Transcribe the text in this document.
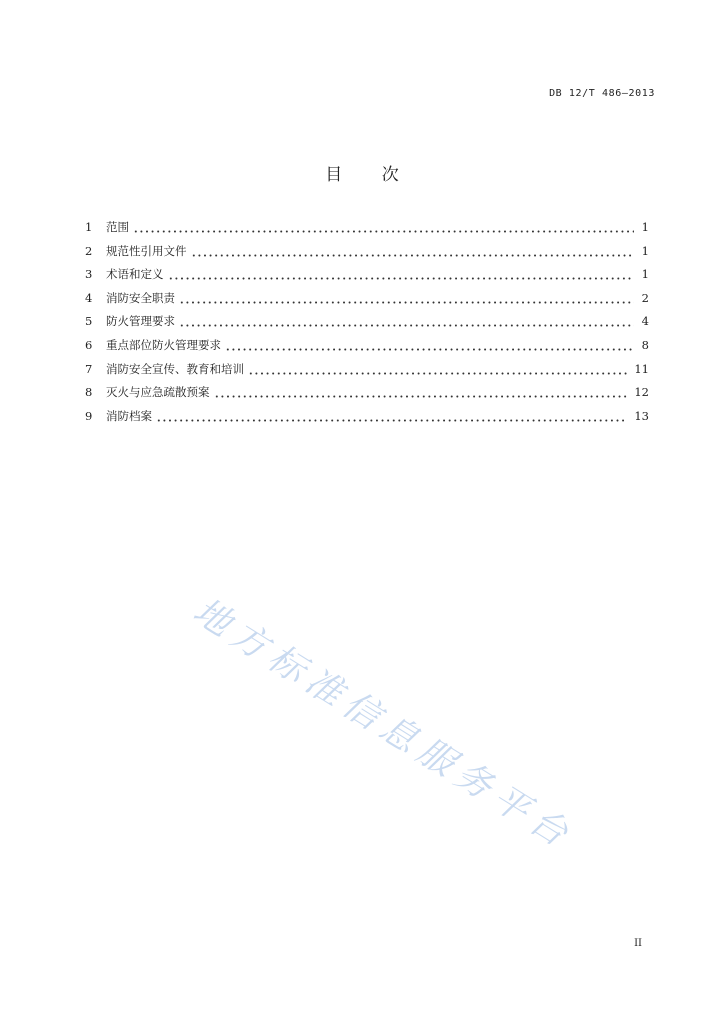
DB 12/T 486—2013
目 次
1	范围	1
2	规范性引用文件	1
3	术语和定义	1
4	消防安全职责	2
5	防火管理要求	4
6	重点部位防火管理要求	8
7	消防安全宣传、教育和培训	11
8	灭火与应急疏散预案	12
9	消防档案	13
地方标准信息服务平台
II
